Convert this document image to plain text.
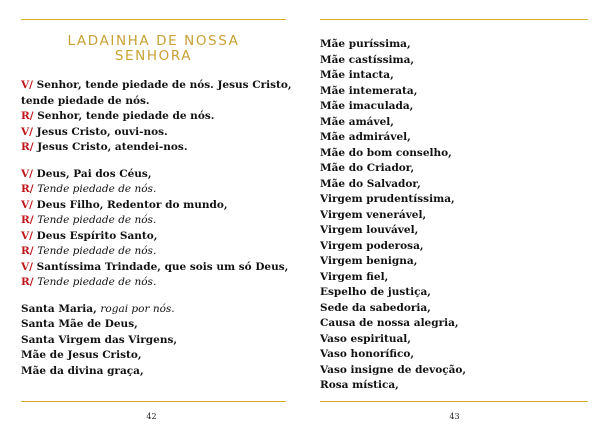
LADAINHA DE NOSSA
SENHORA
V/ Senhor, tende piedade de nós. Jesus Cristo,
tende piedade de nós.
R/ Senhor, tende piedade de nós.
V/ Jesus Cristo, ouvi-nos.
R/ Jesus Cristo, atendei-nos.
V/ Deus, Pai dos Céus,
R/ Tende piedade de nós.
V/ Deus Filho, Redentor do mundo,
R/ Tende piedade de nós.
V/ Deus Espírito Santo,
R/ Tende piedade de nós.
V/ Santíssima Trindade, que sois um só Deus,
R/ Tende piedade de nós.
Santa Maria, rogai por nós.
Santa Mãe de Deus,
Santa Virgem das Virgens,
Mãe de Jesus Cristo,
Mãe da divina graça,
42
Mãe puríssima,
Mãe castíssima,
Mãe intacta,
Mãe intemerata,
Mãe imaculada,
Mãe amável,
Mãe admirável,
Mãe do bom conselho,
Mãe do Criador,
Mãe do Salvador,
Virgem prudentíssima,
Virgem venerável,
Virgem louvável,
Virgem poderosa,
Virgem benigna,
Virgem fiel,
Espelho de justiça,
Sede da sabedoria,
Causa de nossa alegria,
Vaso espiritual,
Vaso honorífico,
Vaso insigne de devoção,
Rosa mística,
43
